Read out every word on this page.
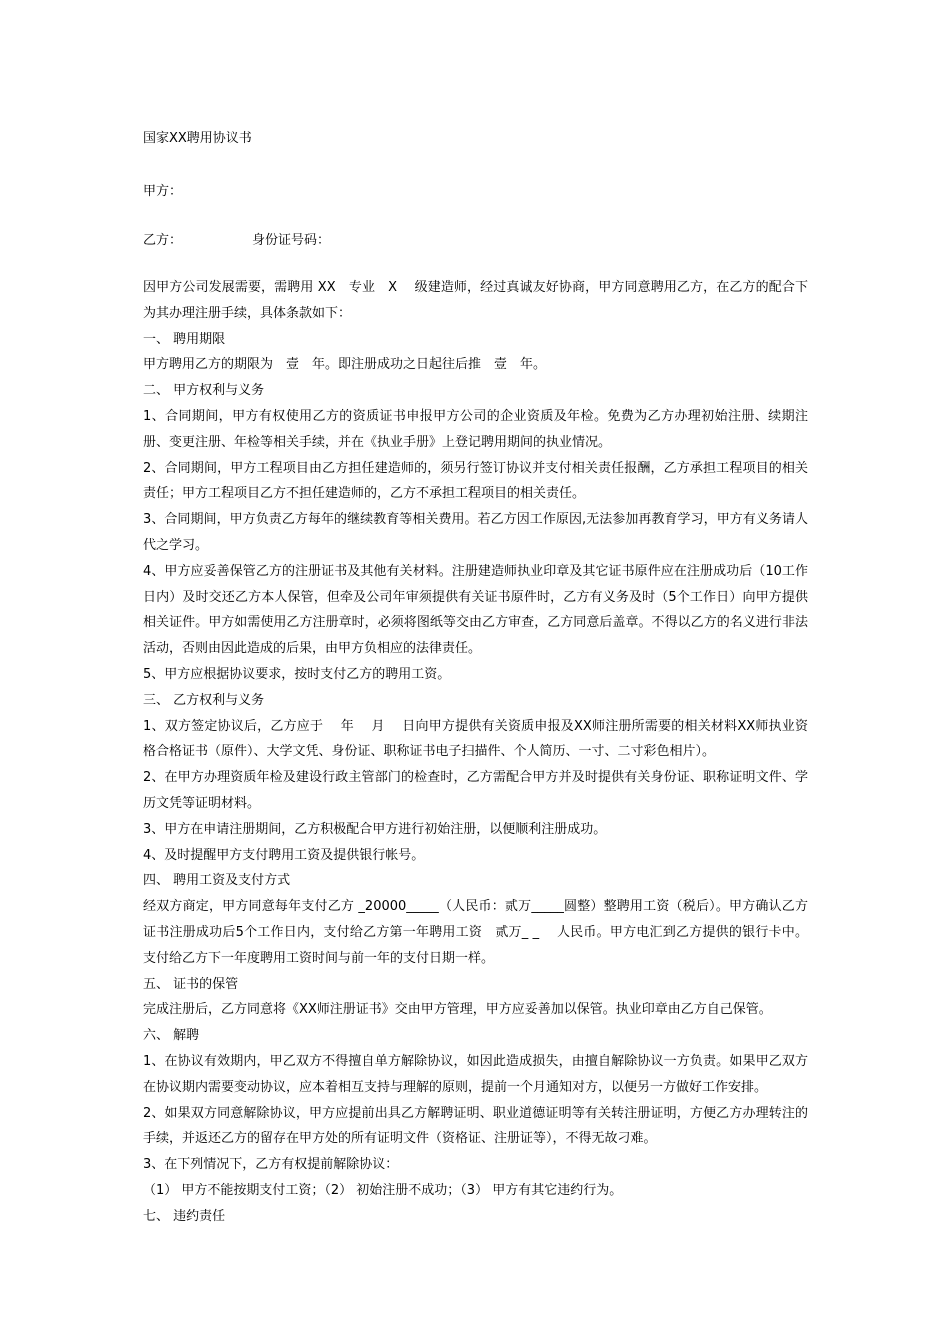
国家XX聘用协议书
甲方：
乙方：	身份证号码：

因甲方公司发展需要，需聘用 XX　专业　X　 级建造师，经过真诚友好协商，甲方同意聘用乙方，在乙方的配合下为其办理注册手续，具体条款如下：

一、 聘用期限

甲方聘用乙方的期限为　壹　年。即注册成功之日起往后推　壹　年。

二、 甲方权利与义务

1、合同期间，甲方有权使用乙方的资质证书申报甲方公司的企业资质及年检。免费为乙方办理初始注册、续期注册、变更注册、年检等相关手续，并在《执业手册》上登记聘用期间的执业情况。

2、合同期间，甲方工程项目由乙方担任建造师的，须另行签订协议并支付相关责任报酬，乙方承担工程项目的相关责任；甲方工程项目乙方不担任建造师的，乙方不承担工程项目的相关责任。

3、合同期间，甲方负责乙方每年的继续教育等相关费用。若乙方因工作原因,无法参加再教育学习，甲方有义务请人代之学习。

4、甲方应妥善保管乙方的注册证书及其他有关材料。注册建造师执业印章及其它证书原件应在注册成功后（10工作日内）及时交还乙方本人保管，但牵及公司年审须提供有关证书原件时，乙方有义务及时（5个工作日）向甲方提供相关证件。甲方如需使用乙方注册章时，必须将图纸等交由乙方审查，乙方同意后盖章。不得以乙方的名义进行非法活动，否则由因此造成的后果，由甲方负相应的法律责任。

5、甲方应根据协议要求，按时支付乙方的聘用工资。

三、 乙方权利与义务

1、双方签定协议后，乙方应于　 年　 月　 日向甲方提供有关资质申报及XX师注册所需要的相关材料XX师执业资格合格证书（原件）、大学文凭、身份证、职称证书电子扫描件、个人简历、一寸、二寸彩色相片）。

2、在甲方办理资质年检及建设行政主管部门的检查时，乙方需配合甲方并及时提供有关身份证、职称证明文件、学历文凭等证明材料。

3、甲方在申请注册期间，乙方积极配合甲方进行初始注册，以便顺利注册成功。

4、及时提醒甲方支付聘用工资及提供银行帐号。

四、 聘用工资及支付方式

经双方商定，甲方同意每年支付乙方 _20000_____（人民币：贰万_____圆整）整聘用工资（税后）。甲方确认乙方证书注册成功后5个工作日内，支付给乙方第一年聘用工资　贰万_ _　 人民币。甲方电汇到乙方提供的银行卡中。支付给乙方下一年度聘用工资时间与前一年的支付日期一样。

五、 证书的保管

完成注册后，乙方同意将《XX师注册证书》交由甲方管理，甲方应妥善加以保管。执业印章由乙方自己保管。

六、 解聘

1、在协议有效期内，甲乙双方不得擅自单方解除协议，如因此造成损失，由擅自解除协议一方负责。如果甲乙双方在协议期内需要变动协议，应本着相互支持与理解的原则，提前一个月通知对方，以便另一方做好工作安排。

2、如果双方同意解除协议，甲方应提前出具乙方解聘证明、职业道德证明等有关转注册证明，方便乙方办理转注的手续，并返还乙方的留存在甲方处的所有证明文件（资格证、注册证等），不得无故刁难。

3、在下列情况下，乙方有权提前解除协议：

（1） 甲方不能按期支付工资；（2） 初始注册不成功；（3） 甲方有其它违约行为。

七、 违约责任
